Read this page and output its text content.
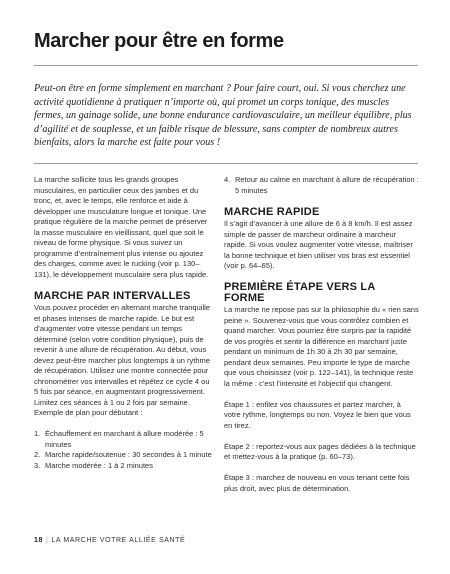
Marcher pour être en forme

Peut-on être en forme simplement en marchant ? Pour faire court, oui. Si vous cherchez une activité quotidienne à pratiquer n’importe où, qui promet un corps tonique, des muscles fermes, un gainage solide, une bonne endurance cardiovasculaire, un meilleur équilibre, plus d’agilité et de souplesse, et un faible risque de blessure, sans compter de nombreux autres bienfaits, alors la marche est faite pour vous !

La marche sollicite tous les grands groupes musculaires, en particulier ceux des jambes et du tronc, et, avec le temps, elle renforce et aide à développer une musculature longue et tonique. Une pratique régulière de la marche permet de préserver la masse musculaire en vieillissant, quel que soit le niveau de forme physique. Si vous suivez un programme d’entraînement plus intense ou ajoutez des charges, comme avec le rucking (voir p. 130–131), le développement musculaire sera plus rapide.

MARCHE PAR INTERVALLES

Vous pouvez procéder en alternant marche tranquille et phases intenses de marche rapide. Le but est d’augmenter votre vitesse pendant un temps déterminé (selon votre condition physique), puis de revenir à une allure de récupération. Au début, vous devez peut-être marcher plus longtemps à un rythme de récupération. Utilisez une montre connectée pour chronométrer vos intervalles et répétez ce cycle 4 ou 5 fois par séance, en augmentant progressivement. Limitez ces séances à 1 ou 2 fois par semaine. Exemple de plan pour débutant :

1. Échauffement en marchant à allure modérée : 5 minutes
2. Marche rapide/soutenue : 30 secondes à 1 minute
3. Marche modérée : 1 à 2 minutes
4. Retour au calme en marchant à allure de récupération : 5 minutes
MARCHE RAPIDE

Il s’agit d’avancer à une allure de 6 à 8 km/h. Il est assez simple de passer de marcheur ordinaire à marcheur rapide. Si vous voulez augmenter votre vitesse, maîtriser la bonne technique et bien utiliser vos bras est essentiel (voir p. 64–65).

PREMIÈRE ÉTAPE VERS LA FORME

La marche ne repose pas sur la philosophie du « rien sans peine ». Souvenez-vous que vous contrôlez combien et quand marcher. Vous pourriez être surpris par la rapidité de vos progrès et sentir la différence en marchant juste pendant un minimum de 1h 30 à 2h 30 par semaine, pendant deux semaines. Peu importe le type de marche que vous choisissez (voir p. 122–141), la technique reste la même : c’est l’intensité et l’objectif qui changent.

Étape 1 : enfilez vos chaussures et partez marcher, à votre rythme, longtemps ou non. Voyez le bien que vous en tirez.

Étape 2 : reportez-vous aux pages dédiées à la technique et mettez-vous à la pratique (p. 60–73).

Étape 3 : marchez de nouveau en vous tenant cette fois plus droit, avec plus de détermination.

18 | LA MARCHE VOTRE ALLIÉE SANTÉ
